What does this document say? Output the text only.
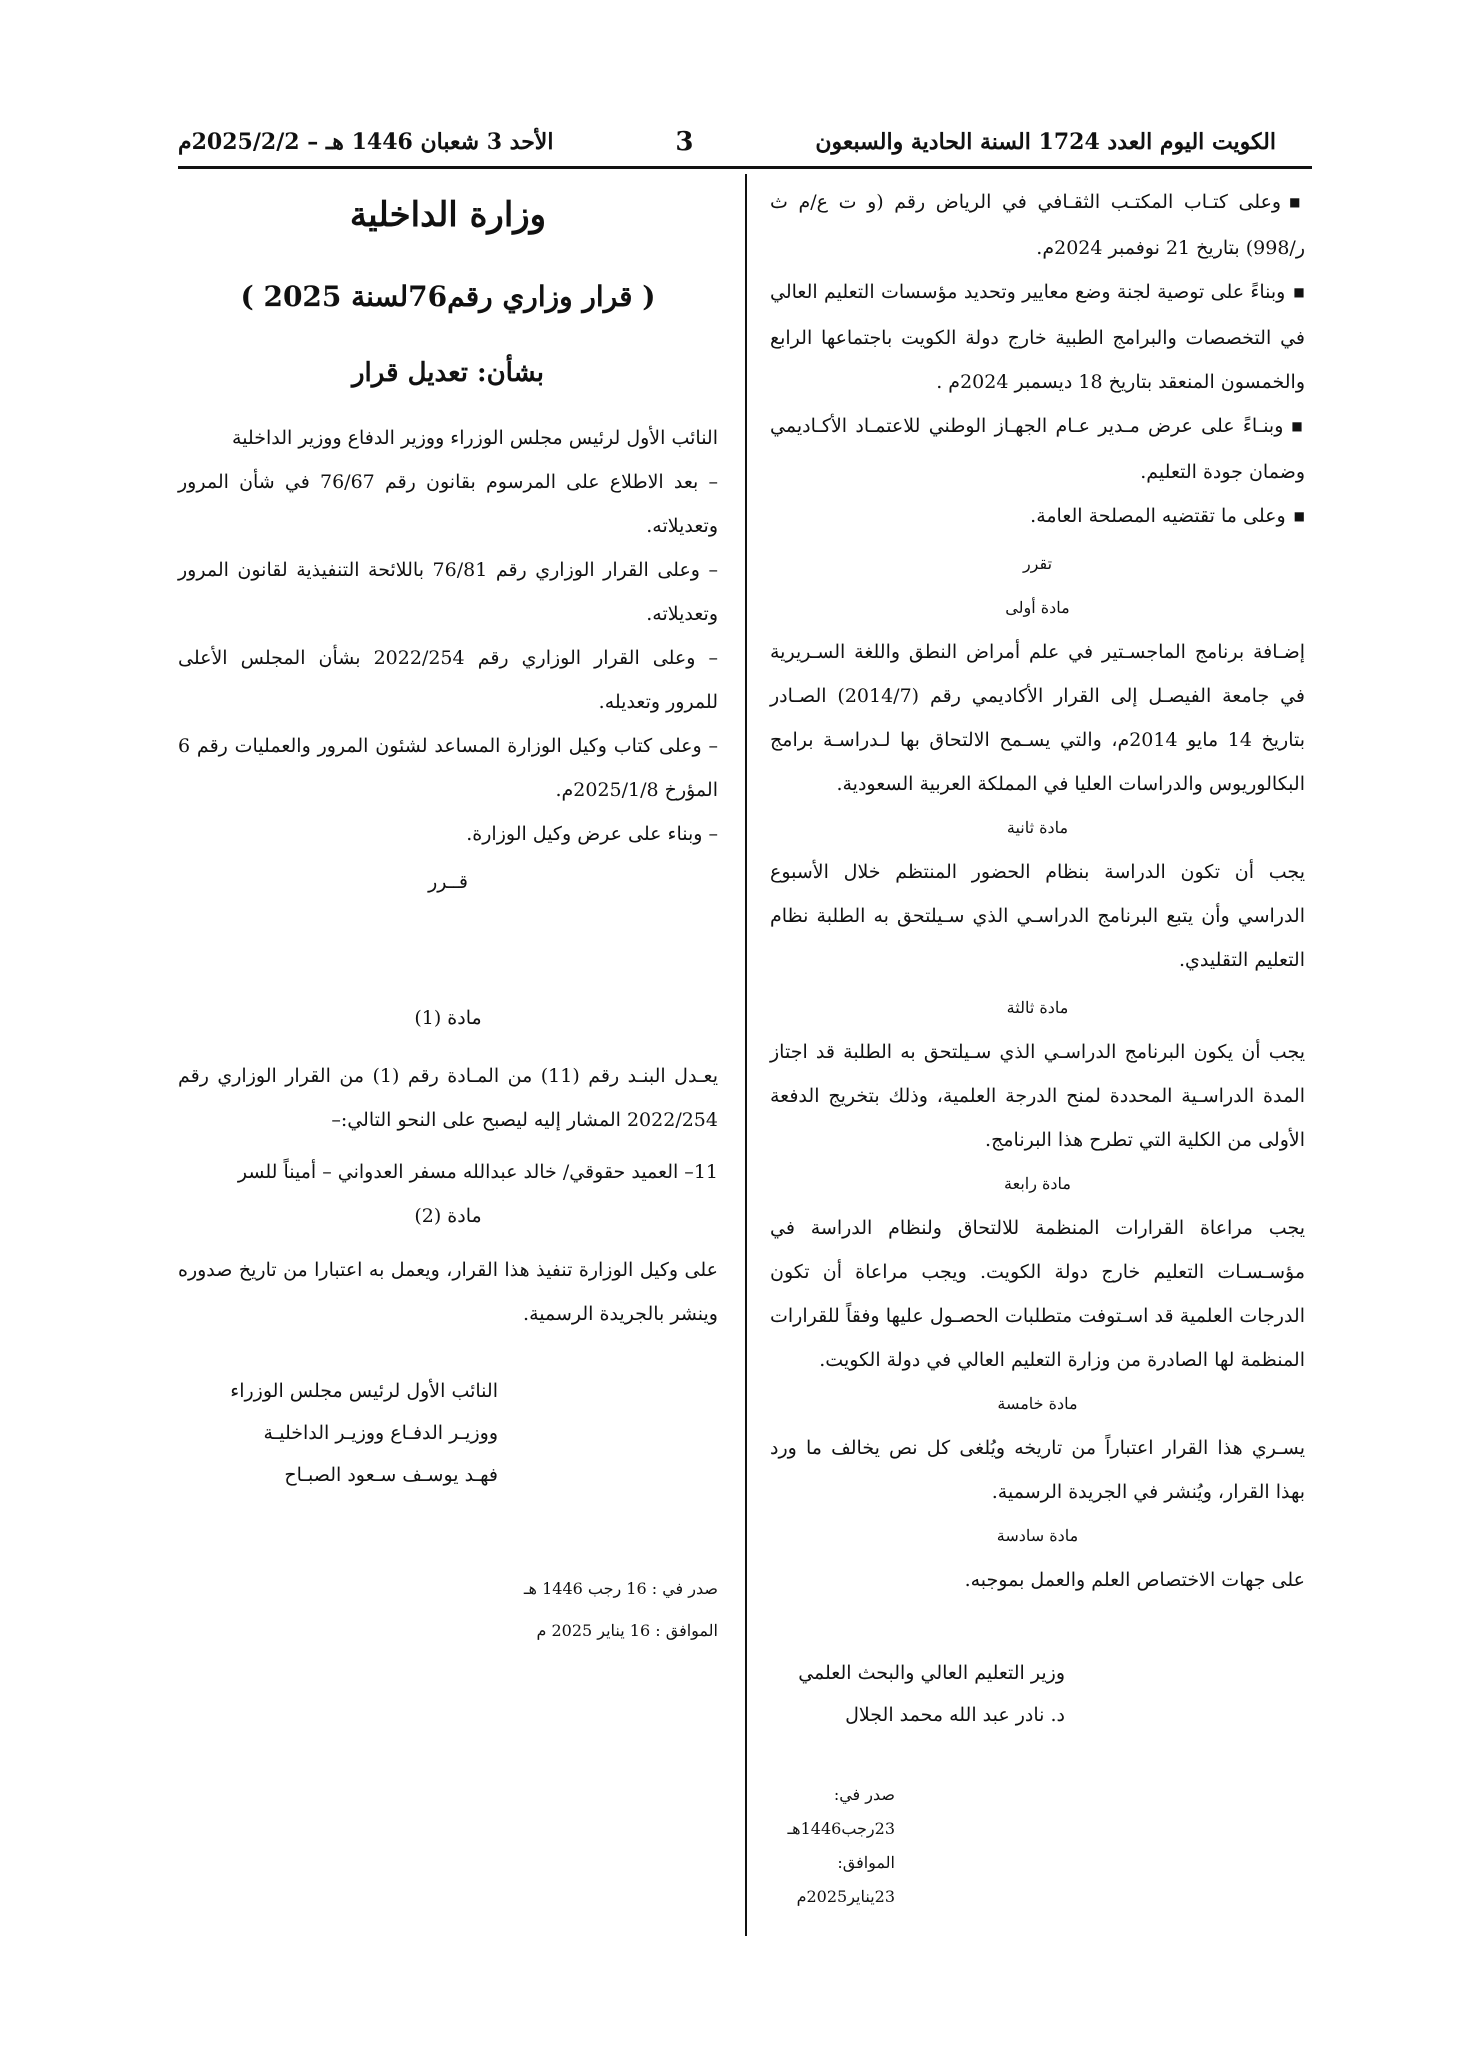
الكويت اليوم العدد 1724 السنة الحادية والسبعون
3
الأحد 3 شعبان 1446 هـ – 2025/2/2م

■ وعلى كتـاب المكتـب الثقـافي في الرياض رقم (و ت ع/م ث ر/998) بتاريخ 21 نوفمبر 2024م.

■ وبناءً على توصية لجنة وضع معايير وتحديد مؤسسات التعليم العالي في التخصصات والبرامج الطبية خارج دولة الكويت باجتماعها الرابع والخمسون المنعقد بتاريخ 18 ديسمبر 2024م .

■ وبنـاءً على عرض مـدير عـام الجهـاز الوطني للاعتمـاد الأكـاديمي وضمان جودة التعليم.

■ وعلى ما تقتضيه المصلحة العامة.

تقرر

مادة أولى

إضـافة برنامج الماجسـتير في علم أمراض النطق واللغة السـريرية في جامعة الفيصـل إلى القرار الأكاديمي رقم (2014/7) الصـادر بتاريخ 14 مايو 2014م، والتي يسـمح الالتحاق بها لـدراسـة برامج البكالوريوس والدراسات العليا في المملكة العربية السعودية.

مادة ثانية

يجب أن تكون الدراسة بنظام الحضور المنتظم خلال الأسبوع الدراسي وأن يتبع البرنامج الدراسـي الذي سـيلتحق به الطلبة نظام التعليم التقليدي.

مادة ثالثة

يجب أن يكون البرنامج الدراسـي الذي سـيلتحق به الطلبة قد اجتاز المدة الدراسـية المحددة لمنح الدرجة العلمية، وذلك بتخريج الدفعة الأولى من الكلية التي تطرح هذا البرنامج.

مادة رابعة

يجب مراعاة القرارات المنظمة للالتحاق ولنظام الدراسة في مؤسـسـات التعليم خارج دولة الكويت. ويجب مراعاة أن تكون الدرجات العلمية قد اسـتوفت متطلبات الحصـول عليها وفقاً للقرارات المنظمة لها الصادرة من وزارة التعليم العالي في دولة الكويت.

مادة خامسة

يسـري هذا القرار اعتباراً من تاريخه ويُلغى كل نص يخالف ما ورد بهذا القرار، ويُنشر في الجريدة الرسمية.

مادة سادسة

على جهات الاختصاص العلم والعمل بموجبه.

وزير التعليم العالي والبحث العلمي

د. نادر عبد الله محمد الجلال

صدر في: 23رجب1446هـ

الموافق: 23يناير2025م

وزارة الداخلية
( قرار وزاري رقم76لسنة 2025 )
بشأن: تعديل قرار

النائب الأول لرئيس مجلس الوزراء ووزير الدفاع ووزير الداخلية

– بعد الاطلاع على المرسوم بقانون رقم 76/67 في شأن المرور وتعديلاته.

– وعلى القرار الوزاري رقم 76/81 باللائحة التنفيذية لقانون المرور وتعديلاته.

– وعلى القرار الوزاري رقم 2022/254 بشأن المجلس الأعلى للمرور وتعديله.

– وعلى كتاب وكيل الوزارة المساعد لشئون المرور والعمليات رقم 6 المؤرخ 2025/1/8م.

– وبناء على عرض وكيل الوزارة.

قــرر

مادة (1)

يعـدل البنـد رقم (11) من المـادة رقم (1) من القرار الوزاري رقم 2022/254 المشار إليه ليصبح على النحو التالي:–

11– العميد حقوقي/ خالد عبدالله مسفر العدواني – أميناً للسر

مادة (2)

على وكيل الوزارة تنفيذ هذا القرار، ويعمل به اعتبارا من تاريخ صدوره وينشر بالجريدة الرسمية.

النائب الأول لرئيس مجلس الوزراء

ووزيـر الدفـاع ووزيـر الداخليـة

فهـد يوسـف سـعود الصبـاح

صدر في : 16 رجب 1446 هـ

الموافق : 16 يناير 2025 م
